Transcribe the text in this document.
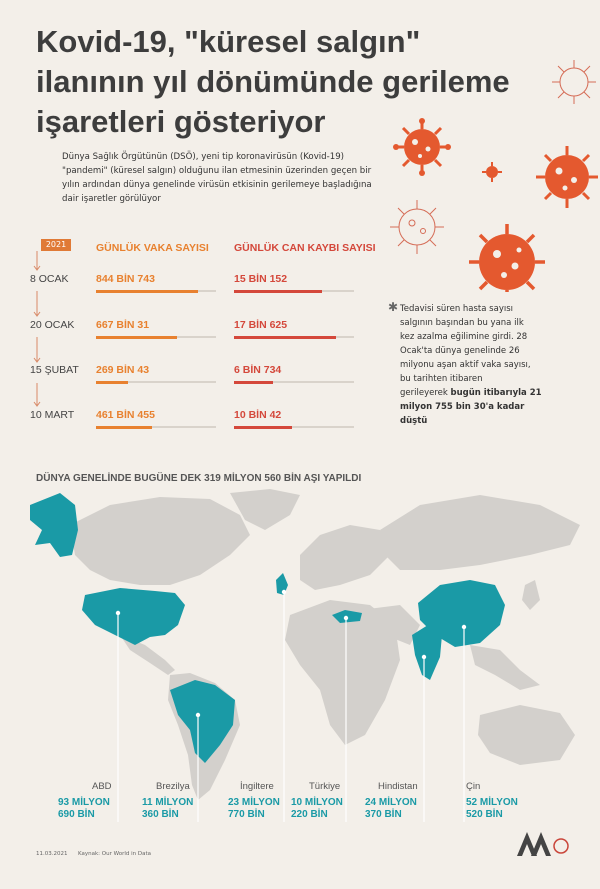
Kovid-19, "küresel salgın"
ilanının yıl dönümünde gerileme
işaretleri gösteriyor
Dünya Sağlık Örgütünün (DSÖ), yeni tip koronavirüsün (Kovid-19)
"pandemi" (küresel salgın) olduğunu ilan etmesinin üzerinden geçen bir
yılın ardından dünya genelinde virüsün etkisinin gerilemeye başladığına
dair işaretler görülüyor
2021	GÜNLÜK VAKA SAYISI GÜNLÜK CAN KAYBI SAYISI
8 OCAK	844 BİN 743	15 BİN 152
20 OCAK 667 BİN 31	17 BİN 625
15 ŞUBAT 269 BİN 43	6 BİN 734
10 MART 461 BİN 455	10 BİN 42
✱ Tedavisi süren hasta sayısı
salgının başından bu yana ilk
kez azalma eğilimine girdi. 28
Ocak'ta dünya genelinde 26
milyonu aşan aktif vaka sayısı,
bu tarihten itibaren
gerileyerek bugün itibarıyla 21
milyon 755 bin 30'a kadar
düştü
DÜNYA GENELİNDE BUGÜNE DEK 319 MİLYON 560 BİN AŞI YAPILDI
ABD
93 MİLYON
690 BİN
Brezilya
11 MİLYON
360 BİN
İngiltere
23 MİLYON
770 BİN
Türkiye
10 MİLYON
220 BİN
Hindistan
24 MİLYON
370 BİN
Çin
52 MİLYON
520 BİN
11.03.2021 Kaynak: Our World in Data
